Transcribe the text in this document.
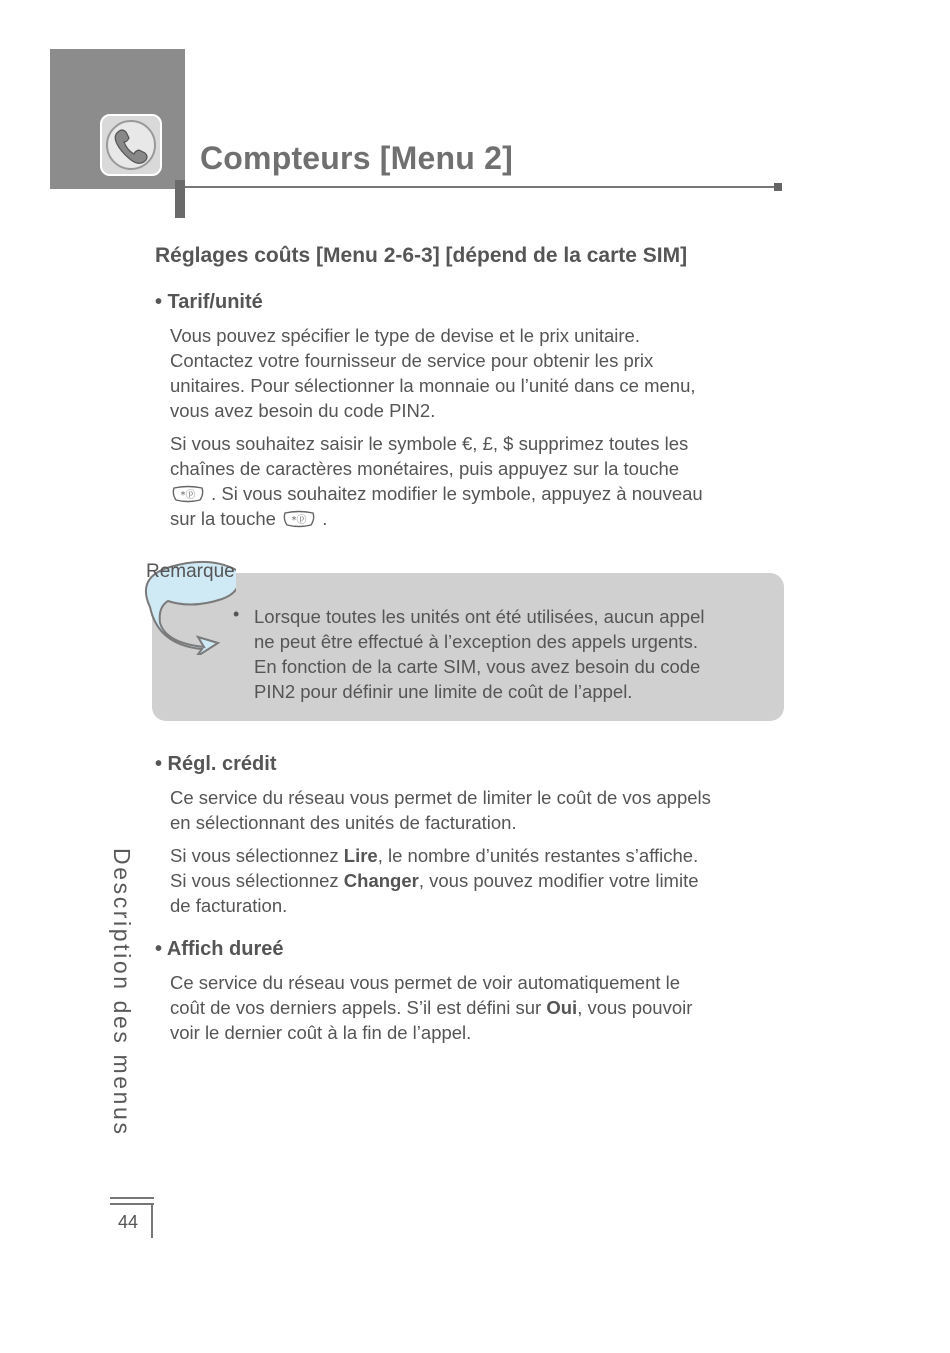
Compteurs [Menu 2]
Réglages coûts [Menu 2-6-3] [dépend de la carte SIM]
• Tarif/unité
Vous pouvez spécifier le type de devise et le prix unitaire.
Contactez votre fournisseur de service pour obtenir les prix
unitaires. Pour sélectionner la monnaie ou l’unité dans ce menu,
vous avez besoin du code PIN2.
Si vous souhaitez saisir le symbole €, £, $ supprimez toutes les
chaînes de caractères monétaires, puis appuyez sur la touche
*ⓟ . Si vous souhaitez modifier le symbole, appuyez à nouveau
sur la touche *ⓟ .

Remarque

• Lorsque toutes les unités ont été utilisées, aucun appel
ne peut être effectué à l’exception des appels urgents.
En fonction de la carte SIM, vous avez besoin du code
PIN2 pour définir une limite de coût de l’appel.
• Régl. crédit
Ce service du réseau vous permet de limiter le coût de vos appels
en sélectionnant des unités de facturation.
Si vous sélectionnez Lire, le nombre d’unités restantes s’affiche.
Si vous sélectionnez Changer, vous pouvez modifier votre limite
de facturation.
• Affich dureé
Ce service du réseau vous permet de voir automatiquement le
coût de vos derniers appels. S’il est défini sur Oui, vous pouvoir
voir le dernier coût à la fin de l’appel.
Description des menus

44
